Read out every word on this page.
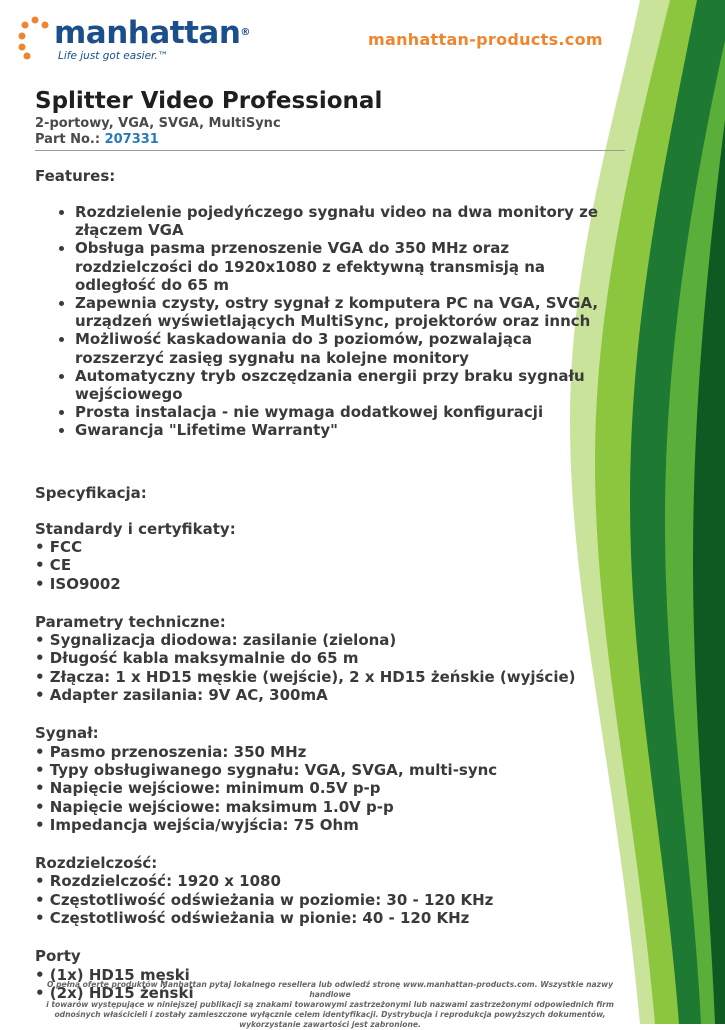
manhattan®
Life just got easier.™
manhattan-products.com
Splitter Video Professional
2-portowy, VGA, SVGA, MultiSync
Part No.: 207331
Features:
• Rozdzielenie pojedyńczego sygnału video na dwa monitory ze złączem VGA
• Obsługa pasma przenoszenie VGA do 350 MHz oraz rozdzielczości do 1920x1080 z efektywną transmisją na odległość do 65 m
• Zapewnia czysty, ostry sygnał z komputera PC na VGA, SVGA, urządzeń wyświetlających MultiSync, projektorów oraz innch
• Możliwość kaskadowania do 3 poziomów, pozwalająca rozszerzyć zasięg sygnału na kolejne monitory
• Automatyczny tryb oszczędzania energii przy braku sygnału wejściowego
• Prosta instalacja - nie wymaga dodatkowej konfiguracji
• Gwarancja "Lifetime Warranty"
Specyfikacja:
Standardy i certyfikaty:
• FCC
• CE
• ISO9002
Parametry techniczne:
• Sygnalizacja diodowa: zasilanie (zielona)
• Długość kabla maksymalnie do 65 m
• Złącza: 1 x HD15 męskie (wejście), 2 x HD15 żeńskie (wyjście)
• Adapter zasilania: 9V AC, 300mA
Sygnał:
• Pasmo przenoszenia: 350 MHz
• Typy obsługiwanego sygnału: VGA, SVGA, multi-sync
• Napięcie wejściowe: minimum 0.5V p-p
• Napięcie wejściowe: maksimum 1.0V p-p
• Impedancja wejścia/wyjścia: 75 Ohm
Rozdzielczość:
• Rozdzielczość: 1920 x 1080
• Częstotliwość odświeżania w poziomie: 30 - 120 KHz
• Częstotliwość odświeżania w pionie: 40 - 120 KHz
Porty
• (1x) HD15 męski
• (2x) HD15 żeński
O pełną ofertę produktów Manhattan pytaj lokalnego resellera lub odwiedź stronę www.manhattan-products.com. Wszystkie nazwy handlowe
i towarów występujące w niniejszej publikacji są znakami towarowymi zastrzeżonymi lub nazwami zastrzeżonymi odpowiednich firm
odnośnych właścicieli i zostały zamieszczone wyłącznie celem identyfikacji. Dystrybucja i reprodukcja powyższych dokumentów,
wykorzystanie zawartości jest zabronione.
